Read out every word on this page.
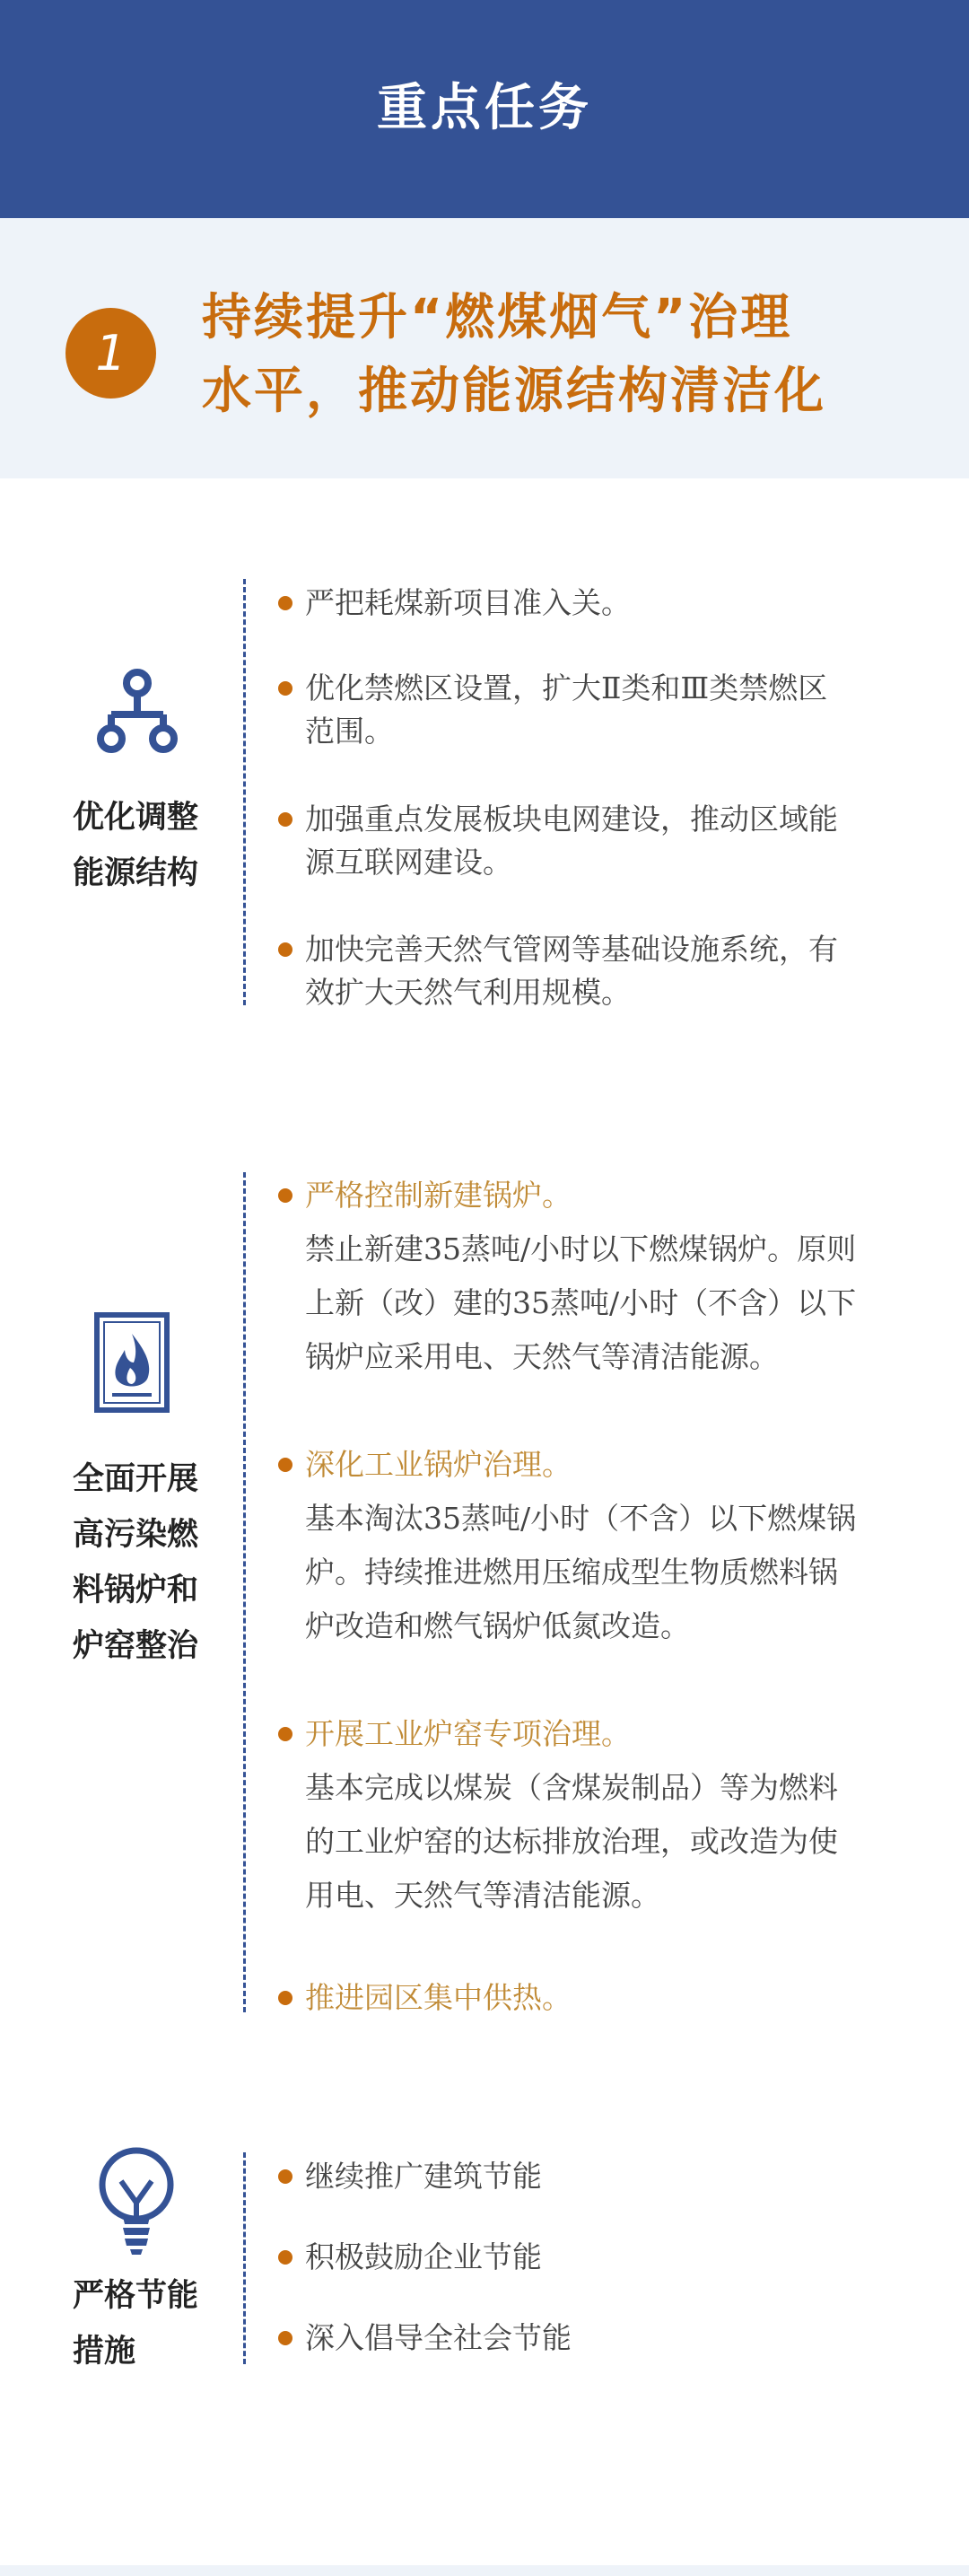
重点任务
1
持续提升“燃煤烟气”治理
水平，推动能源结构清洁化
优化调整
能源结构
严把耗煤新项目准入关。
优化禁燃区设置，扩大Ⅱ类和Ⅲ类禁燃区
范围。
加强重点发展板块电网建设，推动区域能
源互联网建设。
加快完善天然气管网等基础设施系统，有
效扩大天然气利用规模。
全面开展
高污染燃
料锅炉和
炉窑整治
严格控制新建锅炉。
禁止新建35蒸吨/小时以下燃煤锅炉。原则
上新（改）建的35蒸吨/小时（不含）以下
锅炉应采用电、天然气等清洁能源。
深化工业锅炉治理。
基本淘汰35蒸吨/小时（不含）以下燃煤锅
炉。持续推进燃用压缩成型生物质燃料锅
炉改造和燃气锅炉低氮改造。
开展工业炉窑专项治理。
基本完成以煤炭（含煤炭制品）等为燃料
的工业炉窑的达标排放治理，或改造为使
用电、天然气等清洁能源。
推进园区集中供热。
严格节能
措施
继续推广建筑节能
积极鼓励企业节能
深入倡导全社会节能
